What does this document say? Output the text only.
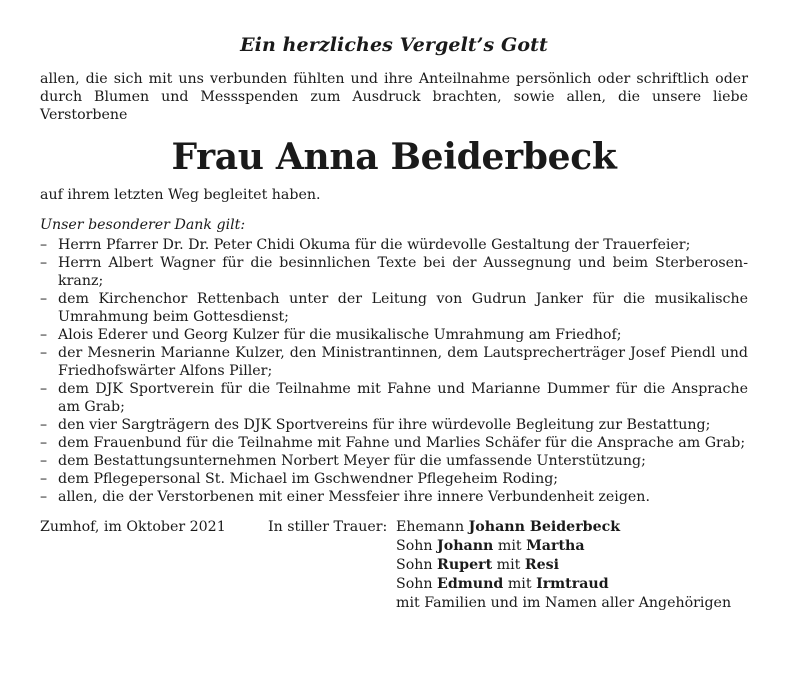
Ein herzliches Vergelt’s Gott

allen, die sich mit uns verbunden fühlten und ihre Anteilnahme persönlich oder schriftlich oder durch Blumen und Messspenden zum Ausdruck brachten, sowie allen, die unsere liebe Verstorbene

Frau Anna Beiderbeck

auf ihrem letzten Weg begleitet haben.

Unser besonderer Dank gilt:

– Herrn Pfarrer Dr. Dr. Peter Chidi Okuma für die würdevolle Gestaltung der Trauerfeier;
– Herrn Albert Wagner für die besinnlichen Texte bei der Aussegnung und beim Sterberosenkranz;
– dem Kirchenchor Rettenbach unter der Leitung von Gudrun Janker für die musikalische Umrahmung beim Gottesdienst;
– Alois Ederer und Georg Kulzer für die musikalische Umrahmung am Friedhof;
– der Mesnerin Marianne Kulzer, den Ministrantinnen, dem Lautsprecherträger Josef Piendl und Friedhofswärter Alfons Piller;
– dem DJK Sportverein für die Teilnahme mit Fahne und Marianne Dummer für die Ansprache am Grab;
– den vier Sargträgern des DJK Sportvereins für ihre würdevolle Begleitung zur Bestattung;
– dem Frauenbund für die Teilnahme mit Fahne und Marlies Schäfer für die Ansprache am Grab;
– dem Bestattungsunternehmen Norbert Meyer für die umfassende Unterstützung;
– dem Pflegepersonal St. Michael im Gschwendner Pflegeheim Roding;
– allen, die der Verstorbenen mit einer Messfeier ihre innere Verbundenheit zeigen.
Zumhof, im Oktober 2021	In stiller Trauer: Ehemann Johann Beiderbeck
Sohn Johann mit Martha
Sohn Rupert mit Resi
Sohn Edmund mit Irmtraud
mit Familien und im Namen aller Angehörigen
